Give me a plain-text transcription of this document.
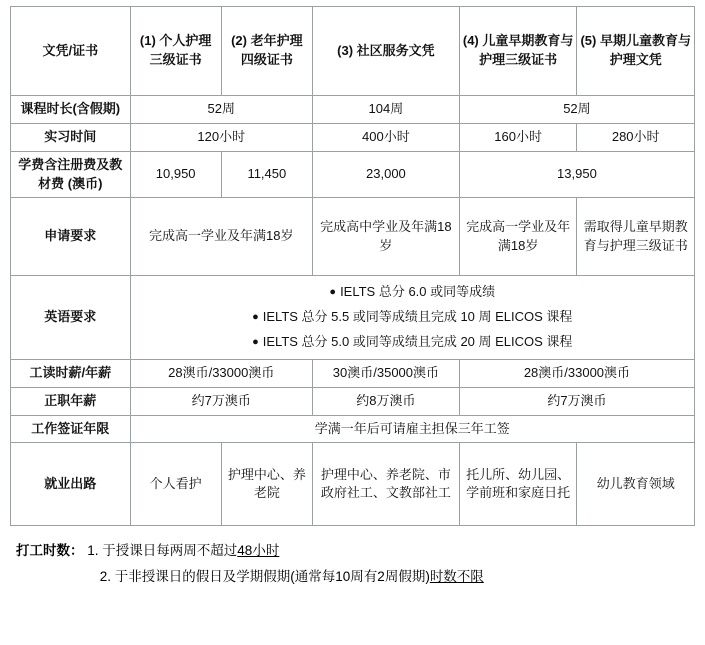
文凭/证书	(1) 个人护理三级证书	(2) 老年护理四级证书	(3) 社区服务文凭	(4) 儿童早期教育与护理三级证书	(5) 早期儿童教育与护理文凭
课程时长(含假期)	52周		104周	52周	
实习时间	120小时		400小时	160小时	280小时
学费含注册费及教材费 (澳币)	10,950	11,450	23,000	13,950	
申请要求	完成高一学业及年满18岁		完成高中学业及年满18岁	完成高一学业及年满18岁	需取得儿童早期教育与护理三级证书
英语要求	● IELTS 总分 6.0 或同等成绩
● IELTS 总分 5.5 或同等成绩且完成 10 周 ELICOS 课程
● IELTS 总分 5.0 或同等成绩且完成 20 周 ELICOS 课程				

工读时薪/年薪	28澳币/33000澳币		30澳币/35000澳币	28澳币/33000澳币	
正职年薪	约7万澳币		约8万澳币	约7万澳币	
工作签证年限	学满一年后可请雇主担保三年工签				
就业出路	个人看护	护理中心、养老院	护理中心、养老院、市政府社工、文教部社工	托儿所、幼儿园、学前班和家庭日托	幼儿教育领域
打工时数： 1. 于授课日每两周不超过48小时
2. 于非授课日的假日及学期假期(通常每10周有2周假期)时数不限
